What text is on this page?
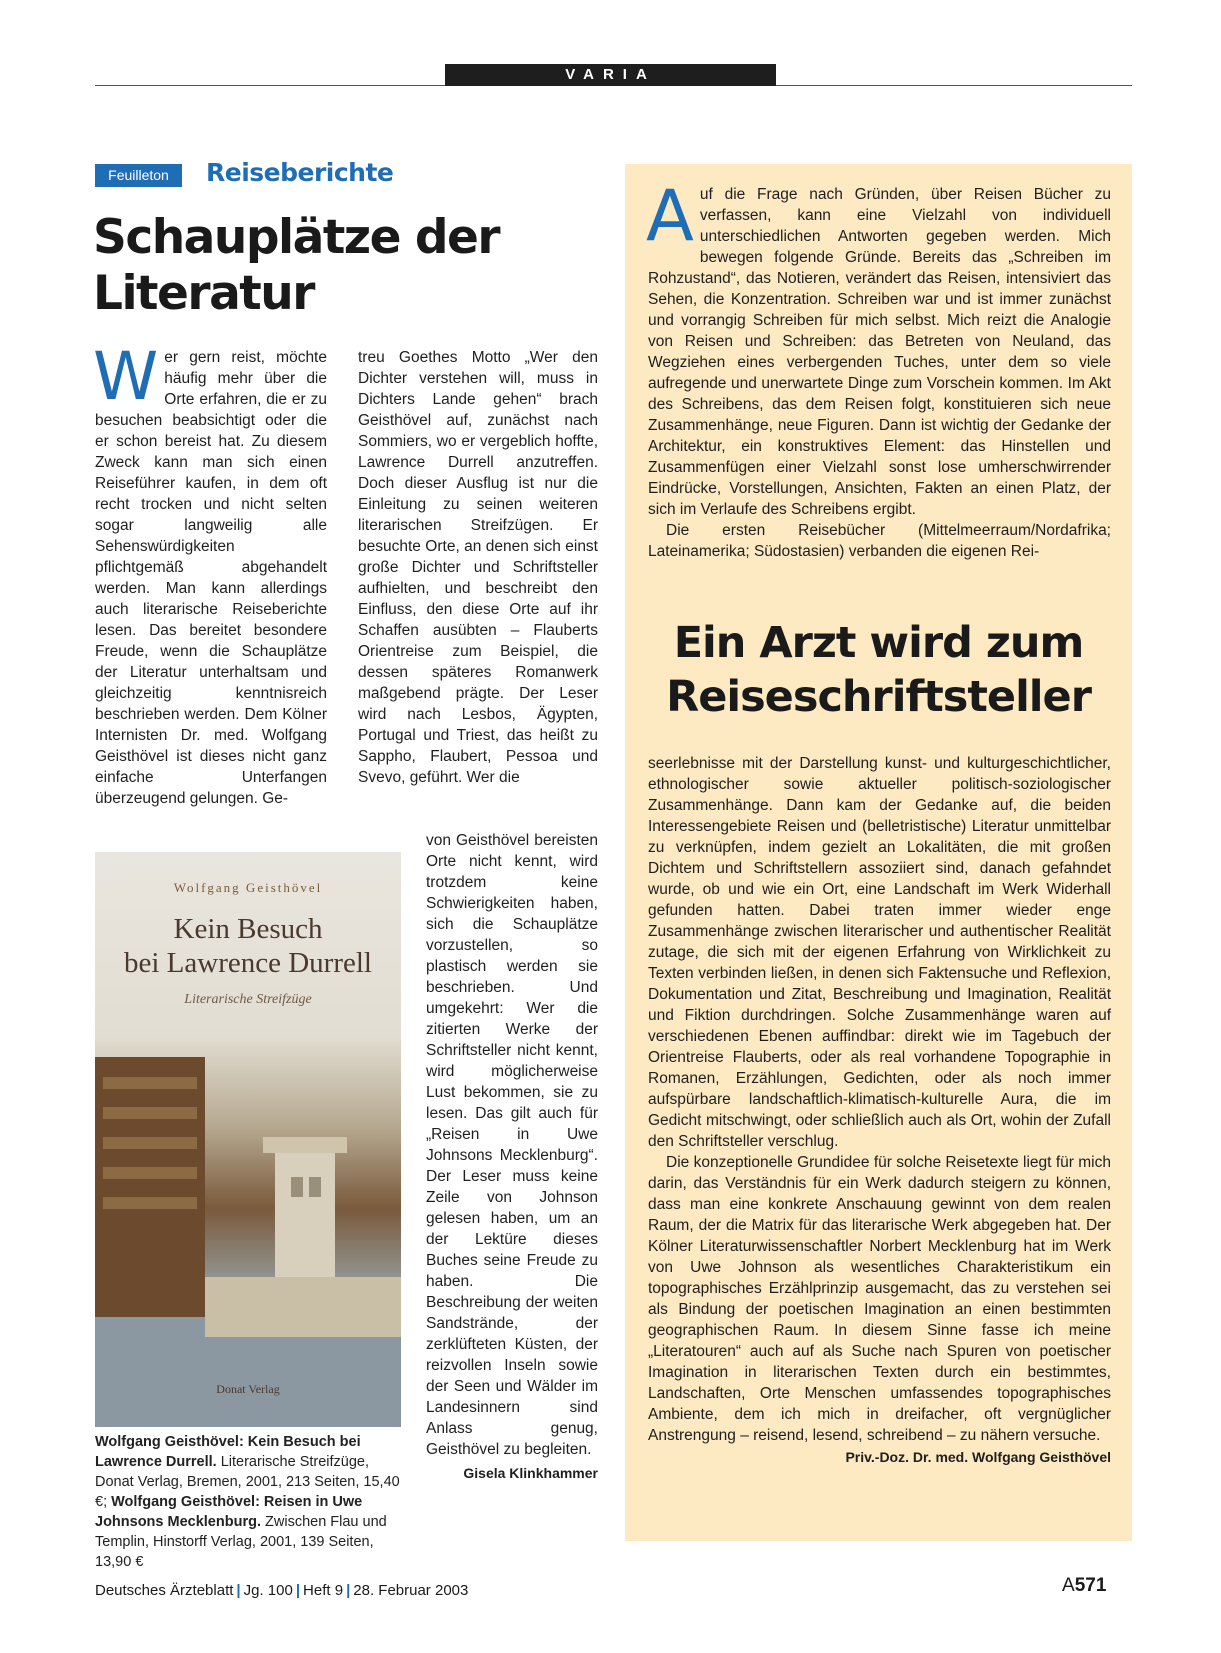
VARIA
Feuilleton	Reiseberichte
Schauplätze der Literatur

Wer gern reist, möchte häufig mehr über die Orte erfahren, die er zu besuchen beabsichtigt oder die er schon bereist hat. Zu diesem Zweck kann man sich einen Reiseführer kaufen, in dem oft recht trocken und nicht selten sogar langweilig alle Sehenswürdigkeiten pflichtgemäß abgehandelt werden. Man kann allerdings auch literarische Reiseberichte lesen. Das bereitet besondere Freude, wenn die Schauplätze der Literatur unterhaltsam und gleichzeitig kenntnisreich beschrieben werden. Dem Kölner Internisten Dr. med. Wolfgang Geisthövel ist dieses nicht ganz einfache Unterfangen überzeugend gelungen. Ge-

treu Goethes Motto „Wer den Dichter verstehen will, muss in Dichters Lande gehen“ brach Geisthövel auf, zunächst nach Sommiers, wo er vergeblich hoffte, Lawrence Durrell anzutreffen. Doch dieser Ausflug ist nur die Einleitung zu seinen weiteren literarischen Streifzügen. Er besuchte Orte, an denen sich einst große Dichter und Schriftsteller aufhielten, und beschreibt den Einfluss, den diese Orte auf ihr Schaffen ausübten – Flauberts Orientreise zum Beispiel, die dessen späteres Romanwerk maßgebend prägte. Der Leser wird nach Lesbos, Ägypten, Portugal und Triest, das heißt zu Sappho, Flaubert, Pessoa und Svevo, geführt. Wer die

von Geisthövel bereisten Orte nicht kennt, wird trotzdem keine Schwierigkeiten haben, sich die Schauplätze vorzustellen, so plastisch werden sie beschrieben. Und umgekehrt: Wer die zitierten Werke der Schriftsteller nicht kennt, wird möglicherweise Lust bekommen, sie zu lesen. Das gilt auch für „Reisen in Uwe Johnsons Mecklenburg“. Der Leser muss keine Zeile von Johnson gelesen haben, um an der Lektüre dieses Buches seine Freude zu haben. Die Beschreibung der weiten Sandstrände, der zerklüfteten Küsten, der reizvollen Inseln sowie der Seen und Wälder im Landesinnern sind Anlass genug, Geisthövel zu begleiten.

Gisela Klinkhammer

Wolfgang Geisthövel
Kein Besuch
bei Lawrence Durrell
Literarische Streifzüge
Donat Verlag
Wolfgang Geisthövel: Kein Besuch bei Lawrence Durrell. Literarische Streifzüge, Donat Verlag, Bremen, 2001, 213 Seiten, 15,40 €; Wolfgang Geisthövel: Reisen in Uwe Johnsons Mecklenburg. Zwischen Flau und Templin, Hinstorff Verlag, 2001, 139 Seiten, 13,90 €

Auf die Frage nach Gründen, über Reisen Bücher zu verfassen, kann eine Vielzahl von individuell unterschiedlichen Antworten gegeben werden. Mich bewegen folgende Gründe. Bereits das „Schreiben im Rohzustand“, das Notieren, verändert das Reisen, intensiviert das Sehen, die Konzentration. Schreiben war und ist immer zunächst und vorrangig Schreiben für mich selbst. Mich reizt die Analogie von Reisen und Schreiben: das Betreten von Neuland, das Wegziehen eines verbergenden Tuches, unter dem so viele aufregende und unerwartete Dinge zum Vorschein kommen. Im Akt des Schreibens, das dem Reisen folgt, konstituieren sich neue Zusammenhänge, neue Figuren. Dann ist wichtig der Gedanke der Architektur, ein konstruktives Element: das Hinstellen und Zusammenfügen einer Vielzahl sonst lose umherschwirrender Eindrücke, Vorstellungen, Ansichten, Fakten an einen Platz, der sich im Verlaufe des Schreibens ergibt.

Die ersten Reisebücher (Mittelmeerraum/Nordafrika; Lateinamerika; Südostasien) verbanden die eigenen Rei-

Ein Arzt wird zum
Reiseschriftsteller

seerlebnisse mit der Darstellung kunst- und kulturgeschichtlicher, ethnologischer sowie aktueller politisch-soziologischer Zusammenhänge. Dann kam der Gedanke auf, die beiden Interessengebiete Reisen und (belletristische) Literatur unmittelbar zu verknüpfen, indem gezielt an Lokalitäten, die mit großen Dichtem und Schriftstellern assoziiert sind, danach gefahndet wurde, ob und wie ein Ort, eine Landschaft im Werk Widerhall gefunden hatten. Dabei traten immer wieder enge Zusammenhänge zwischen literarischer und authentischer Realität zutage, die sich mit der eigenen Erfahrung von Wirklichkeit zu Texten verbinden ließen, in denen sich Faktensuche und Reflexion, Dokumentation und Zitat, Beschreibung und Imagination, Realität und Fiktion durchdringen. Solche Zusammenhänge waren auf verschiedenen Ebenen auffindbar: direkt wie im Tagebuch der Orientreise Flauberts, oder als real vorhandene Topographie in Romanen, Erzählungen, Gedichten, oder als noch immer aufspürbare landschaftlich-klimatisch-kulturelle Aura, die im Gedicht mitschwingt, oder schließlich auch als Ort, wohin der Zufall den Schriftsteller verschlug.

Die konzeptionelle Grundidee für solche Reisetexte liegt für mich darin, das Verständnis für ein Werk dadurch steigern zu können, dass man eine konkrete Anschauung gewinnt von dem realen Raum, der die Matrix für das literarische Werk abgegeben hat. Der Kölner Literaturwissenschaftler Norbert Mecklenburg hat im Werk von Uwe Johnson als wesentliches Charakteristikum ein topographisches Erzählprinzip ausgemacht, das zu verstehen sei als Bindung der poetischen Imagination an einen bestimmten geographischen Raum. In diesem Sinne fasse ich meine „Literatouren“ auch auf als Suche nach Spuren von poetischer Imagination in literarischen Texten durch ein bestimmtes, Landschaften, Orte Menschen umfassendes topographisches Ambiente, dem ich mich in dreifacher, oft vergnüglicher Anstrengung – reisend, lesend, schreibend – zu nähern versuche.
Priv.-Doz. Dr. med. Wolfgang Geisthövel

Deutsches Ärzteblatt | Jg. 100 | Heft 9 | 28. Februar 2003	A571
